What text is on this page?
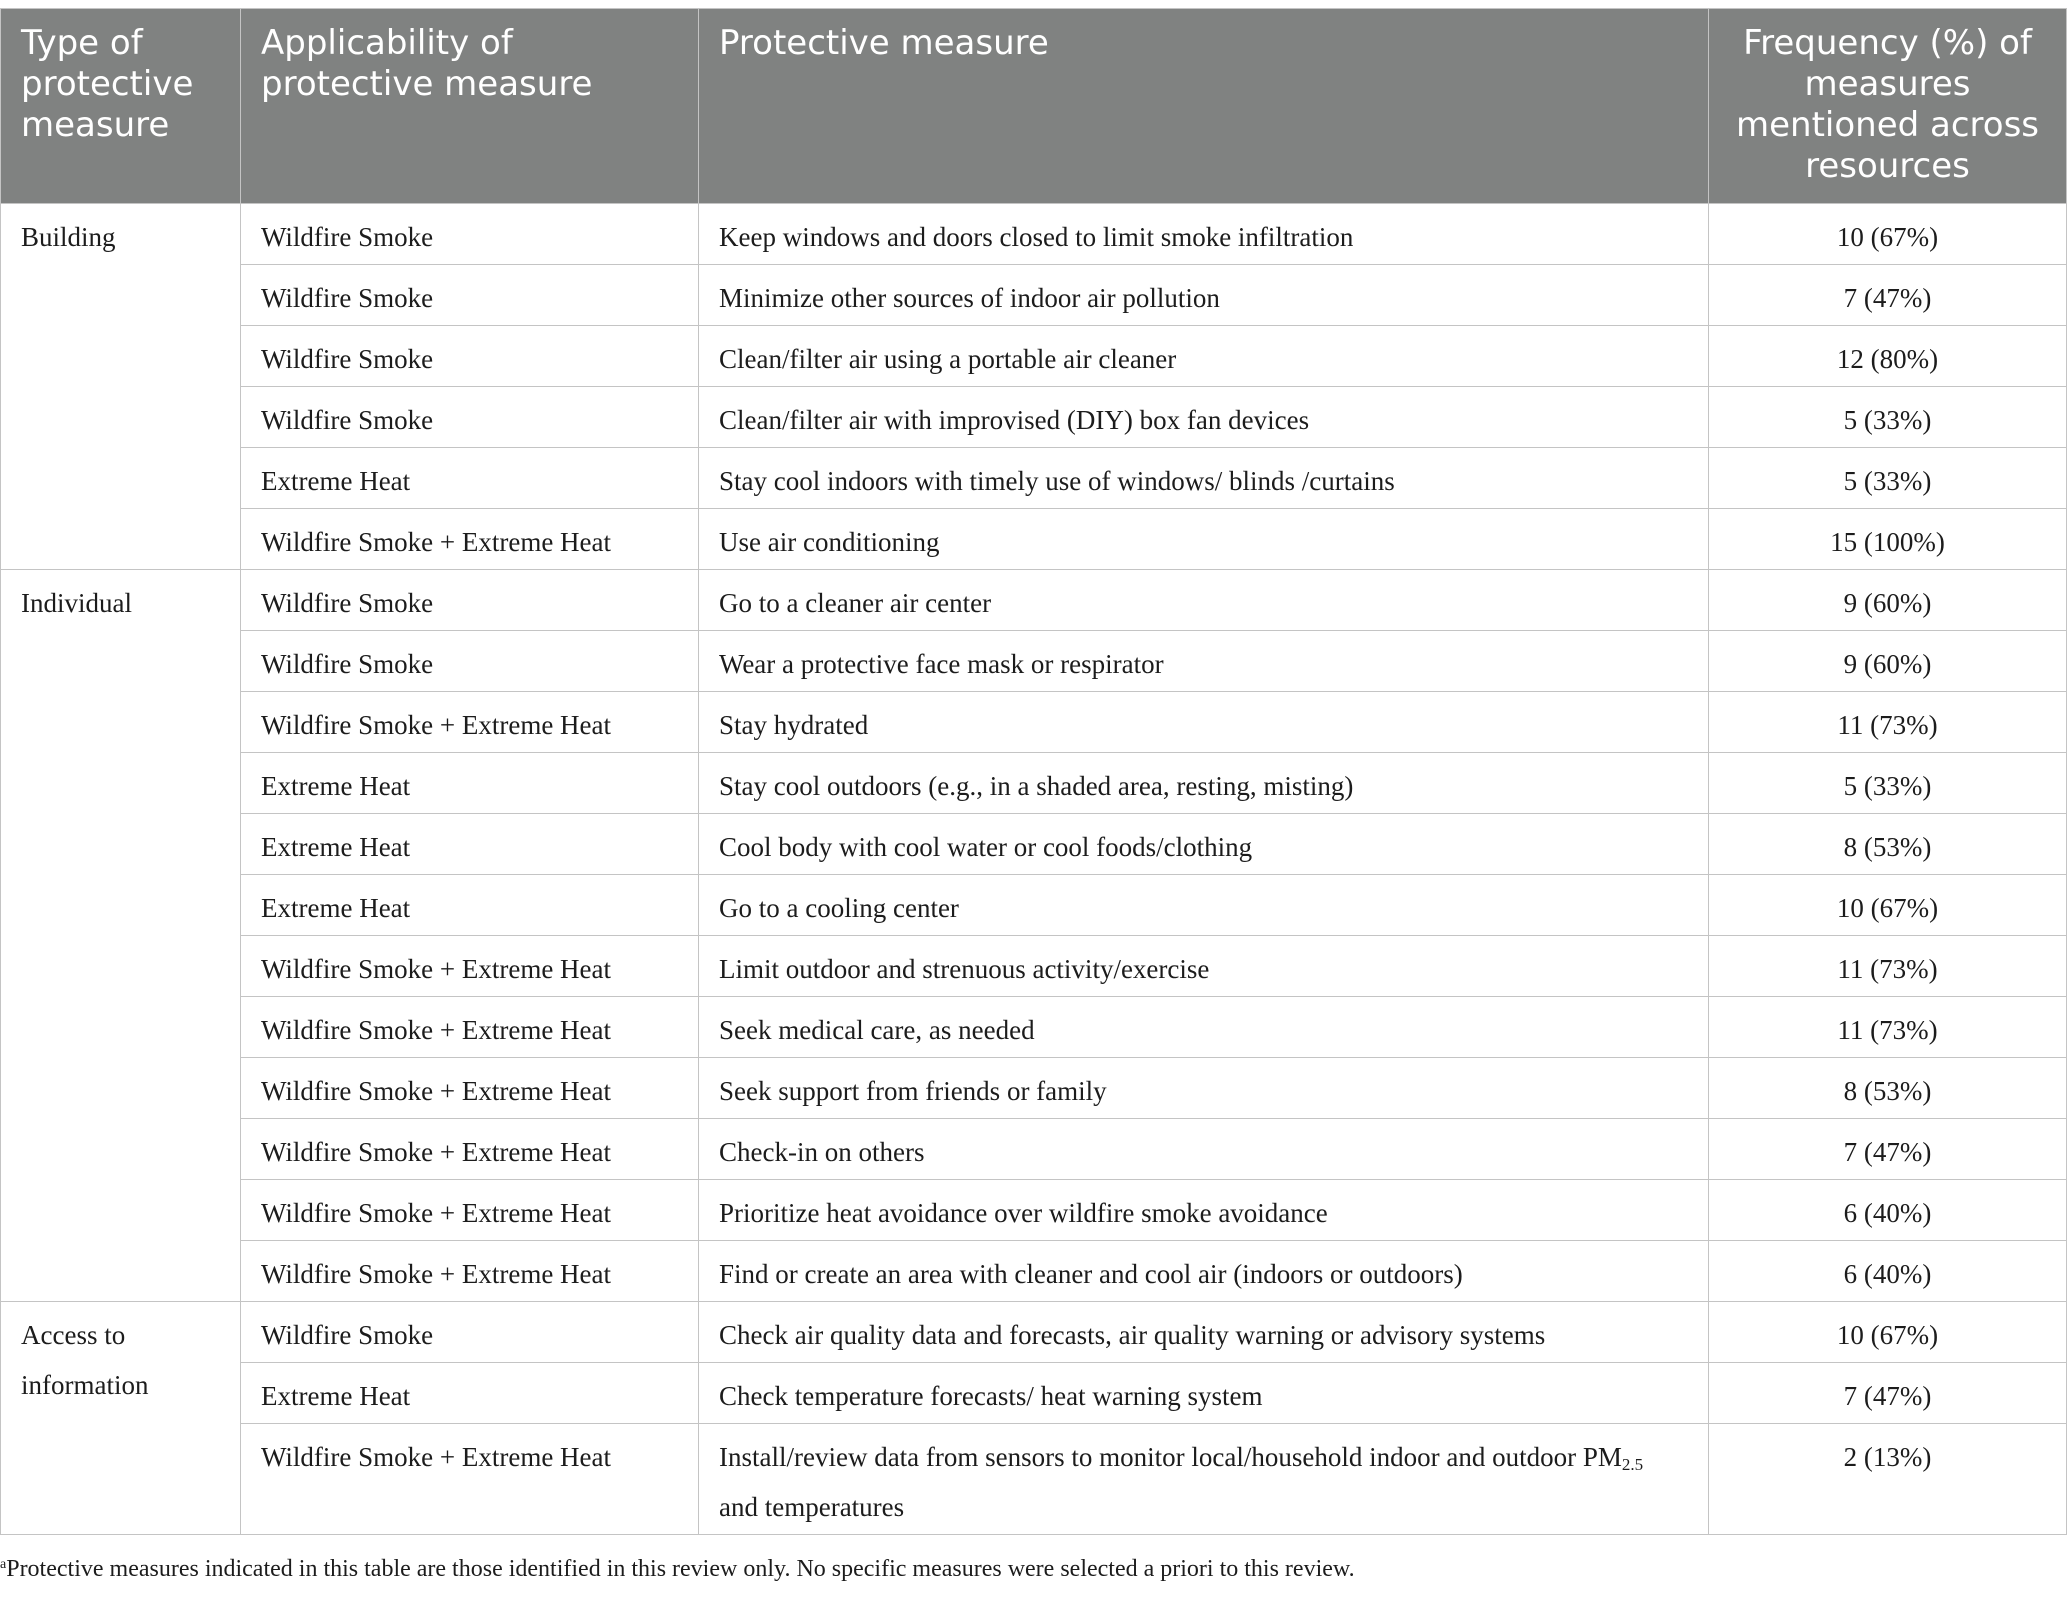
Type of protective measure	Applicability of protective measure	Protective measure	Frequency (%) of measures mentioned across resources
Building	Wildfire Smoke	Keep windows and doors closed to limit smoke infiltration	10 (67%)
	Wildfire Smoke	Minimize other sources of indoor air pollution	7 (47%)
	Wildfire Smoke	Clean/filter air using a portable air cleaner	12 (80%)
	Wildfire Smoke	Clean/filter air with improvised (DIY) box fan devices	5 (33%)
	Extreme Heat	Stay cool indoors with timely use of windows/ blinds /curtains	5 (33%)
	Wildfire Smoke + Extreme Heat	Use air conditioning	15 (100%)
Individual	Wildfire Smoke	Go to a cleaner air center	9 (60%)
	Wildfire Smoke	Wear a protective face mask or respirator	9 (60%)
	Wildfire Smoke + Extreme Heat	Stay hydrated	11 (73%)
	Extreme Heat	Stay cool outdoors (e.g., in a shaded area, resting, misting)	5 (33%)
	Extreme Heat	Cool body with cool water or cool foods/clothing	8 (53%)
	Extreme Heat	Go to a cooling center	10 (67%)
	Wildfire Smoke + Extreme Heat	Limit outdoor and strenuous activity/exercise	11 (73%)
	Wildfire Smoke + Extreme Heat	Seek medical care, as needed	11 (73%)
	Wildfire Smoke + Extreme Heat	Seek support from friends or family	8 (53%)
	Wildfire Smoke + Extreme Heat	Check-in on others	7 (47%)
	Wildfire Smoke + Extreme Heat	Prioritize heat avoidance over wildfire smoke avoidance	6 (40%)
	Wildfire Smoke + Extreme Heat	Find or create an area with cleaner and cool air (indoors or outdoors)	6 (40%)
Access to information	Wildfire Smoke	Check air quality data and forecasts, air quality warning or advisory systems	10 (67%)
	Extreme Heat	Check temperature forecasts/ heat warning system	7 (47%)
	Wildfire Smoke + Extreme Heat	Install/review data from sensors to monitor local/household indoor and outdoor $PM_{2.5}$ and temperatures	2 (13%)
$^a$Protective measures indicated in this table are those identified in this review only. No specific measures were selected a priori to this review.
